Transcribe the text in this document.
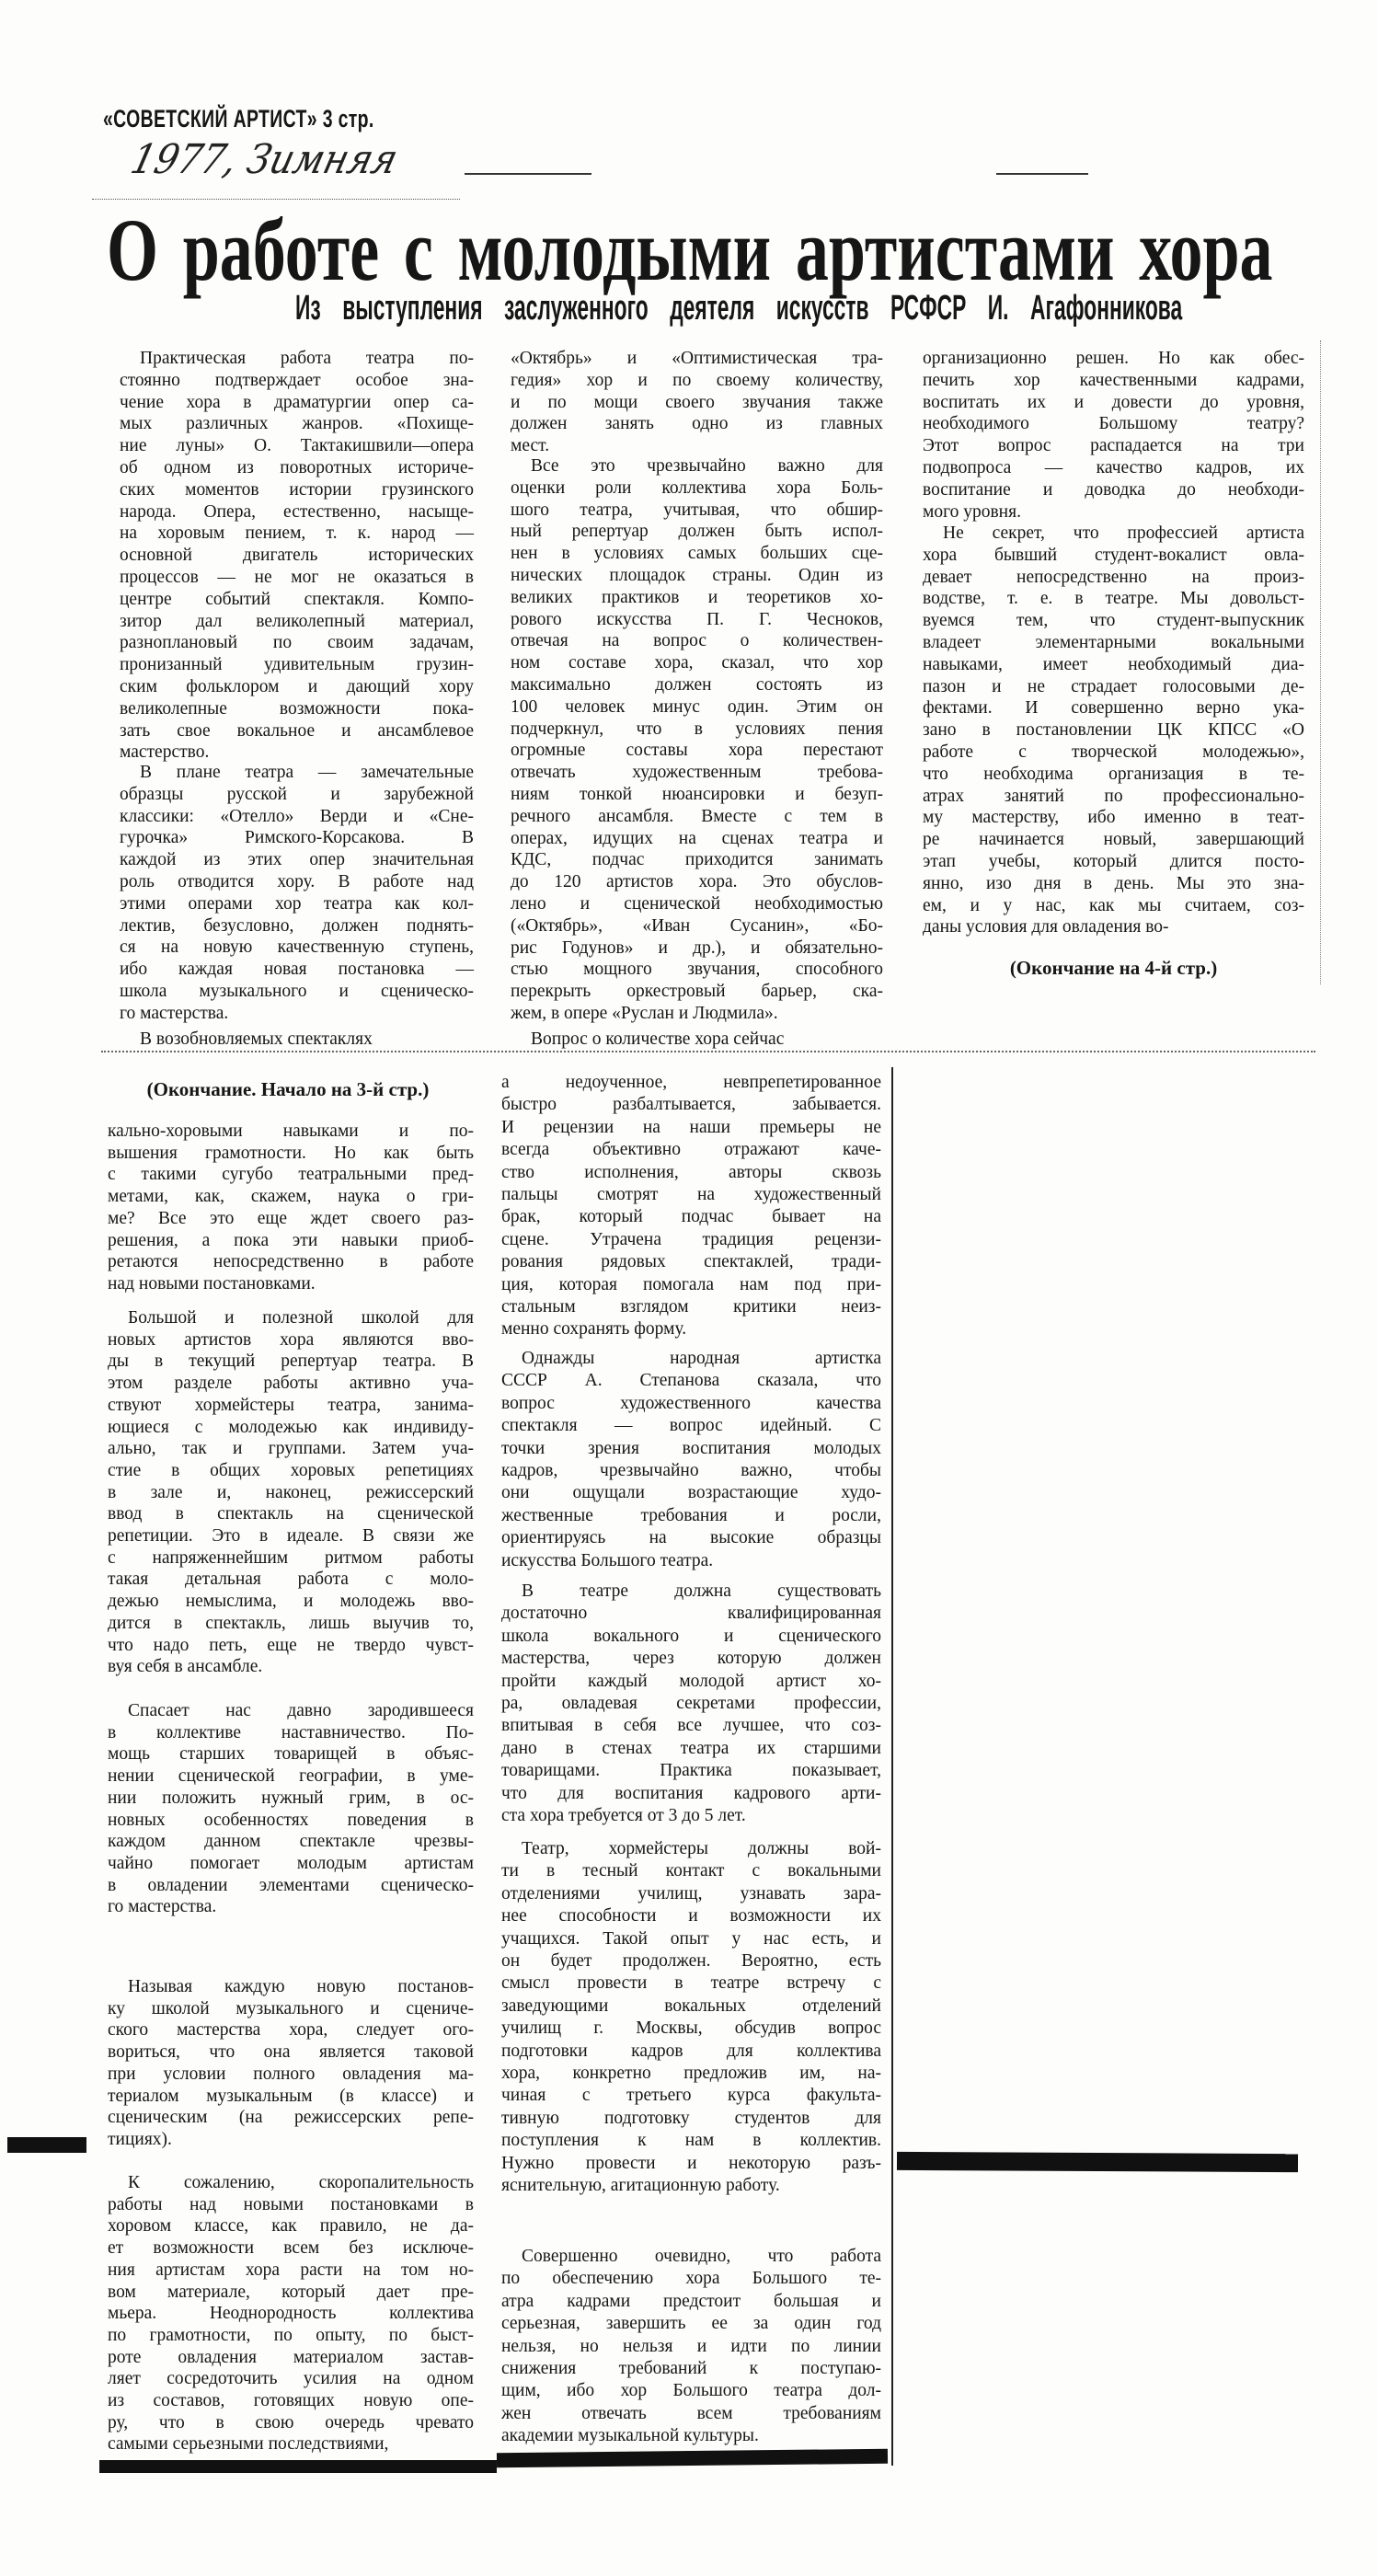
«СОВЕТСКИЙ АРТИСТ» 3 стр.
1977, Зимняя
О работе с молодыми артистами хора
Из выступления заслуженного деятеля искусств РСФСР И. Агафонникова

Практическая работа театра по-
стоянно подтверждает особое зна-
чение хора в драматургии опер са-
мых различных жанров. «Похище-
ние луны» О. Тактакишвили—опера
об одном из поворотных историче-
ских моментов истории грузинского
народа. Опера, естественно, насыще-
на хоровым пением, т. к. народ —
основной двигатель исторических
процессов — не мог не оказаться в
центре событий спектакля. Компо-
зитор дал великолепный материал,
разноплановый по своим задачам,
пронизанный удивительным грузин-
ским фольклором и дающий хору
великолепные возможности пока-
зать свое вокальное и ансамблевое
мастерство.

В плане театра — замечательные
образцы русской и зарубежной
классики: «Отелло» Верди и «Сне-
гурочка» Римского-Корсакова. В
каждой из этих опер значительная
роль отводится хору. В работе над
этими операми хор театра как кол-
лектив, безусловно, должен поднять-
ся на новую качественную ступень,
ибо каждая новая постановка —
школа музыкального и сценическо-
го мастерства.

В возобновляемых спектаклях

«Октябрь» и «Оптимистическая тра-
гедия» хор и по своему количеству,
и по мощи своего звучания также
должен занять одно из главных
мест.

Все это чрезвычайно важно для
оценки роли коллектива хора Боль-
шого театра, учитывая, что обшир-
ный репертуар должен быть испол-
нен в условиях самых больших сце-
нических площадок страны. Один из
великих практиков и теоретиков хо-
рового искусства П. Г. Чесноков,
отвечая на вопрос о количествен-
ном составе хора, сказал, что хор
максимально должен состоять из
100 человек минус один. Этим он
подчеркнул, что в условиях пения
огромные составы хора перестают
отвечать художественным требова-
ниям тонкой нюансировки и безуп-
речного ансамбля. Вместе с тем в
операх, идущих на сценах театра и
КДС, подчас приходится занимать
до 120 артистов хора. Это обуслов-
лено и сценической необходимостью
(«Октябрь», «Иван Сусанин», «Бо-
рис Годунов» и др.), и обязательно-
стью мощного звучания, способного
перекрыть оркестровый барьер, ска-
жем, в опере «Руслан и Людмила».

Вопрос о количестве хора сейчас

организационно решен. Но как обес-
печить хор качественными кадрами,
воспитать их и довести до уровня,
необходимого Большому театру?
Этот вопрос распадается на три
подвопроса — качество кадров, их
воспитание и доводка до необходи-
мого уровня.

Не секрет, что профессией артиста
хора бывший студент-вокалист овла-
девает непосредственно на произ-
водстве, т. е. в театре. Мы довольст-
вуемся тем, что студент-выпускник
владеет элементарными вокальными
навыками, имеет необходимый диа-
пазон и не страдает голосовыми де-
фектами. И совершенно верно ука-
зано в постановлении ЦК КПСС «О
работе с творческой молодежью»,
что необходима организация в те-
атрах занятий по профессионально-
му мастерству, ибо именно в теат-
ре начинается новый, завершающий
этап учебы, который длится посто-
янно, изо дня в день. Мы это зна-
ем, и у нас, как мы считаем, соз-
даны условия для овладения во-

(Окончание на 4-й стр.)
(Окончание. Начало на 3-й стр.)

кально-хоровыми навыками и по-
вышения грамотности. Но как быть
с такими сугубо театральными пред-
метами, как, скажем, наука о гри-
ме? Все это еще ждет своего раз-
решения, а пока эти навыки приоб-
ретаются непосредственно в работе
над новыми постановками.

Большой и полезной школой для
новых артистов хора являются вво-
ды в текущий репертуар театра. В
этом разделе работы активно уча-
ствуют хормейстеры театра, занима-
ющиеся с молодежью как индивиду-
ально, так и группами. Затем уча-
стие в общих хоровых репетициях
в зале и, наконец, режиссерский
ввод в спектакль на сценической
репетиции. Это в идеале. В связи же
с напряженнейшим ритмом работы
такая детальная работа с моло-
дежью немыслима, и молодежь вво-
дится в спектакль, лишь выучив то,
что надо петь, еще не твердо чувст-
вуя себя в ансамбле.

Спасает нас давно зародившееся
в коллективе наставничество. По-
мощь старших товарищей в объяс-
нении сценической географии, в уме-
нии положить нужный грим, в ос-
новных особенностях поведения в
каждом данном спектакле чрезвы-
чайно помогает молодым артистам
в овладении элементами сценическо-
го мастерства.

Называя каждую новую постанов-
ку школой музыкального и сцениче-
ского мастерства хора, следует ого-
вориться, что она является таковой
при условии полного овладения ма-
териалом музыкальным (в классе) и
сценическим (на режиссерских репе-
тициях).

К сожалению, скоропалительность
работы над новыми постановками в
хоровом классе, как правило, не да-
ет возможности всем без исключе-
ния артистам хора расти на том но-
вом материале, который дает пре-
мьера. Неоднородность коллектива
по грамотности, по опыту, по быст-
роте овладения материалом застав-
ляет сосредоточить усилия на одном
из составов, готовящих новую опе-
ру, что в свою очередь чревато
самыми серьезными последствиями,

а недоученное, невпрепетированное
быстро разбалтывается, забывается.
И рецензии на наши премьеры не
всегда объективно отражают каче-
ство исполнения, авторы сквозь
пальцы смотрят на художественный
брак, который подчас бывает на
сцене. Утрачена традиция рецензи-
рования рядовых спектаклей, тради-
ция, которая помогала нам под при-
стальным взглядом критики неиз-
менно сохранять форму.

Однажды народная артистка
СССР А. Степанова сказала, что
вопрос художественного качества
спектакля — вопрос идейный. С
точки зрения воспитания молодых
кадров, чрезвычайно важно, чтобы
они ощущали возрастающие худо-
жественные требования и росли,
ориентируясь на высокие образцы
искусства Большого театра.

В театре должна существовать
достаточно квалифицированная
школа вокального и сценического
мастерства, через которую должен
пройти каждый молодой артист хо-
ра, овладевая секретами профессии,
впитывая в себя все лучшее, что соз-
дано в стенах театра их старшими
товарищами. Практика показывает,
что для воспитания кадрового арти-
ста хора требуется от 3 до 5 лет.

Театр, хормейстеры должны вой-
ти в тесный контакт с вокальными
отделениями училищ, узнавать зара-
нее способности и возможности их
учащихся. Такой опыт у нас есть, и
он будет продолжен. Вероятно, есть
смысл провести в театре встречу с
заведующими вокальных отделений
училищ г. Москвы, обсудив вопрос
подготовки кадров для коллектива
хора, конкретно предложив им, на-
чиная с третьего курса факульта-
тивную подготовку студентов для
поступления к нам в коллектив.
Нужно провести и некоторую разъ-
яснительную, агитационную работу.

Совершенно очевидно, что работа
по обеспечению хора Большого те-
атра кадрами предстоит большая и
серьезная, завершить ее за один год
нельзя, но нельзя и идти по линии
снижения требований к поступаю-
щим, ибо хор Большого театра дол-
жен отвечать всем требованиям
академии музыкальной культуры.
